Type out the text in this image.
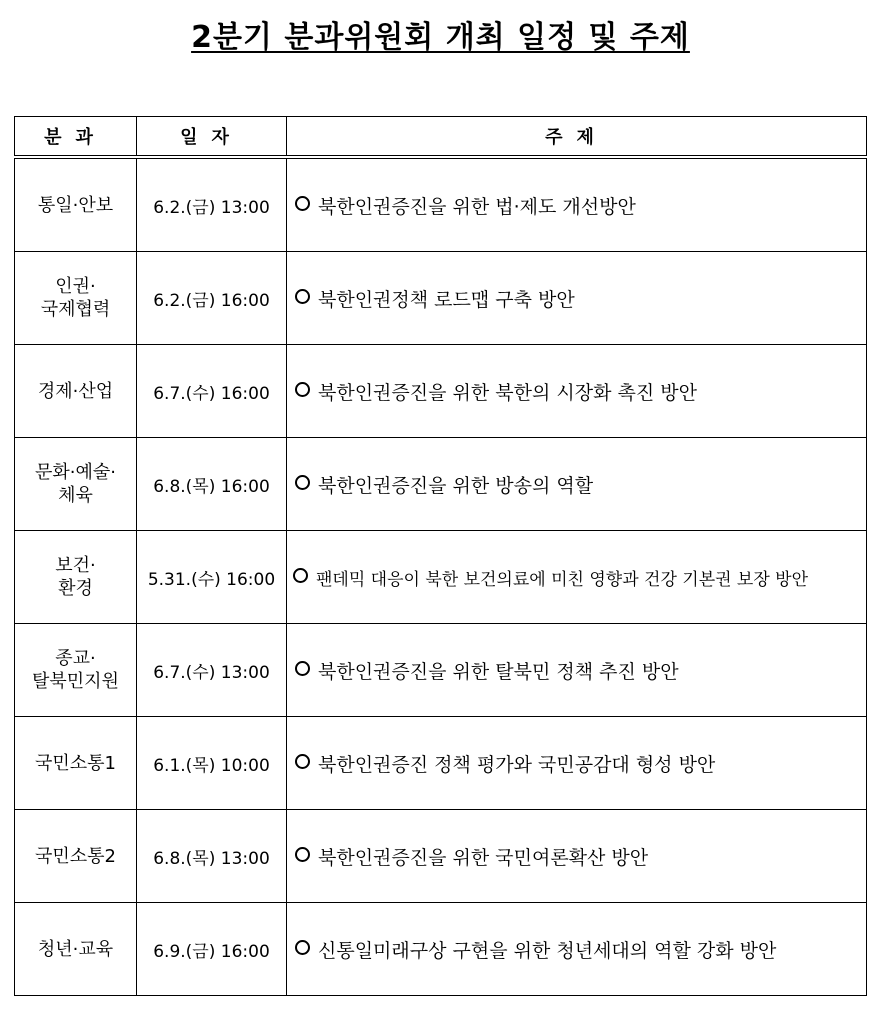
2분기 분과위원회 개최 일정 및 주제
분과	일자	주제
통일·안보	6.2.(금) 13:00	북한인권증진을 위한 법·제도 개선방안
인권·
국제협력	6.2.(금) 16:00	북한인권정책 로드맵 구축 방안
경제·산업	6.7.(수) 16:00	북한인권증진을 위한 북한의 시장화 촉진 방안
문화·예술·
체육	6.8.(목) 16:00	북한인권증진을 위한 방송의 역할
보건·
환경	5.31.(수) 16:00	팬데믹 대응이 북한 보건의료에 미친 영향과 건강 기본권 보장 방안
종교·
탈북민지원	6.7.(수) 13:00	북한인권증진을 위한 탈북민 정책 추진 방안
국민소통1	6.1.(목) 10:00	북한인권증진 정책 평가와 국민공감대 형성 방안
국민소통2	6.8.(목) 13:00	북한인권증진을 위한 국민여론확산 방안
청년·교육	6.9.(금) 16:00	신통일미래구상 구현을 위한 청년세대의 역할 강화 방안
